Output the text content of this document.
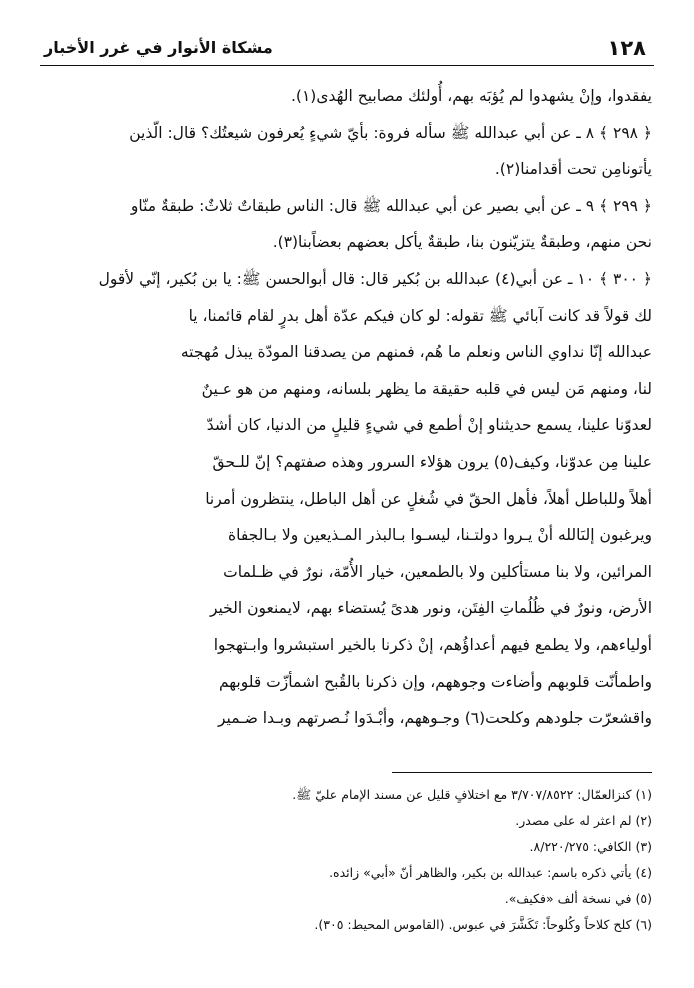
١٢٨
مشكاة الأنوار في غرر الأخبار
يفقدوا، وإنْ يشهدوا لم يُؤبَه بهم، أُولئك مصابيح الهُدى(١).
﴿ ٢٩٨ ﴾ ٨ ـ عن أبي عبدالله ﷺ سأله فروة: بأيّ شيءٍ يُعرفون شيعتُك؟ قال: الّذين
يأتونامِن تحت أقدامنا(٢).
﴿ ٢٩٩ ﴾ ٩ ـ عن أبي بصير عن أبي عبدالله ﷺ قال: الناس طبقاتٌ ثلاثٌ: طبقةٌ منّاو
نحن منهم، وطبقةٌ يتزيّنون بنا، طبقةٌ يأكل بعضهم بعضاًبنا(٣).
﴿ ٣٠٠ ﴾ ١٠ ـ عن أبي(٤) عبدالله بن بُكير قال: قال أبوالحسن ﷺ: يا بن بُكير، إنّي لأقول
لك قولاً قد كانت آبائي ﷺ تقوله: لو كان فيكم عدّة أهل بدرٍ لقام قائمنا، يا
عبدالله إنّا نداوي الناس ونعلم ما هُم، فمنهم من يصدقنا المودّة يبذل مُهجته
لنا، ومنهم مَن ليس في قلبه حقيقة ما يظهر بلسانه، ومنهم من هو عـينٌ
لعدوّنا علينا، يسمع حديثناو إنْ أطمع في شيءٍ قليلٍ من الدنيا، كان أشدّ
علينا مِن عدوّنا، وكيف(٥) يرون هؤلاء السرور وهذه صفتهم؟ إنّ للـحقّ
أهلاً وللباطل أهلاً، فأهل الحقّ في شُغلٍ عن أهل الباطل، ينتظرون أمرنا
ويرغبون إلىَالله أنْ يـروا دولتـنا، ليسـوا بـالبذر المـذيعين ولا بـالجفاة
المرائين، ولا بنا مستأكلين ولا بالطمعين، خيار الأُمّة، نورٌ في ظـلمات
الأرض، ونورٌ في ظُلُماتِ الفِتَن، ونور هدىً يُستضاء بهم، لايمنعون الخير
أولياءهم، ولا يطمع فيهم أعداؤُهم، إنْ ذكرنا بالخير استبشروا وابـتهجوا
واطمأنّت قلوبهم وأضاءت وجوههم، وإن ذكرنا بالقُبح اشمأزّت قلوبهم
واقشعرّت جلودهم وكلحت(٦) وجـوههم، وأبْـدَوا نُـصرتهم وبـدا ضـمير
(١) كنزالعمّال: ٣/٧٠٧/٨٥٢٢ مع اختلافٍ قليل عن مسند الإمام عليّ ﷺ.
(٢) لم اعثر له على مصدر.
(٣) الكافي: ٨/٢٢٠/٢٧٥.
(٤) يأتي ذكره باسم: عبدالله بن بكير، والظاهر أنّ «أبي» زائده.
(٥) في نسخة ألف «فكيف».
(٦) كلح كلاحاً وكُلوحاً: تَكَشَّرَ في عبوس. (القاموس المحيط: ٣٠٥).
